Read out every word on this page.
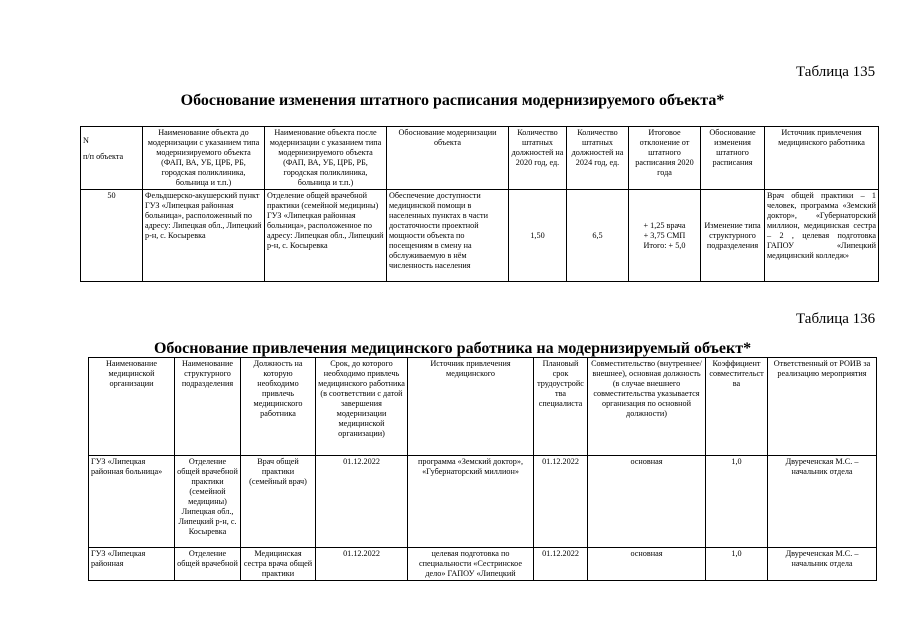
Таблица 135
Обоснование изменения штатного расписания модернизируемого объекта*
N
п/п объекта	Наименование объекта до модернизации с указанием типа модернизируемого объекта (ФАП, ВА, УБ, ЦРБ, РБ, городская поликлиника, больница и т.п.)	Наименование объекта после модернизации с указанием типа модернизируемого объекта (ФАП, ВА, УБ, ЦРБ, РБ, городская поликлиника, больница и т.п.)	Обоснование модернизации объекта	Количество штатных должностей на 2020 год, ед.	Количество штатных должностей на 2024 год, ед.	Итоговое отклонение от штатного расписания 2020 года	Обоснование изменения штатного расписания	Источник привлечения медицинского работника
50	Фельдшерско-акушерский пункт ГУЗ «Липецкая районная больница», расположенный по адресу: Липецкая обл., Липецкий р-н, с. Косыревка	Отделение общей врачебной практики (семейной медицины) ГУЗ «Липецкая районная больница», расположенное по адресу: Липецкая обл., Липецкий р-н, с. Косыревка	Обеспечение доступности медицинской помощи в населенных пунктах в части достаточности проектной мощности объекта по посещениям в смену на обслуживаемую в нём численность населения	1,50	6,5	+ 1,25 врача
+ 3,75 СМП
Итого: + 5,0	Изменение типа структурного подразделения	Врач общей практики – 1 человек, программа «Земский доктор», «Губернаторский миллион, медицинская сестра – 2 , целевая подготовка ГАПОУ «Липецкий медицинский колледж»
Таблица 136
Обоснование привлечения медицинского работника на модернизируемый объект*
Наименование медицинской организации	Наименование структурного подразделения	Должность на которую необходимо привлечь медицинского работника	Срок, до которого необходимо привлечь медицинского работника (в соответствии с датой завершения модернизации медицинской организации)	Источник привлечения медицинского	Плановый срок трудоустройства специалиста	Совместительство (внутреннее/внешнее), основная должность (в случае внешнего совместительства указывается организация по основной должности)	Коэффициент совместительства	Ответственный от РОИВ за реализацию мероприятия
ГУЗ «Липецкая районная больница»	Отделение общей врачебной практики (семейной медицины) Липецкая обл., Липецкий р-н, с. Косыревка	Врач общей практики (семейный врач)	01.12.2022	программа «Земский доктор», «Губернаторский миллион»	01.12.2022	основная	1,0	Двуреченская М.С. – начальник отдела
ГУЗ «Липецкая районная	Отделение общей врачебной	Медицинская сестра врача общей практики	01.12.2022	целевая подготовка по специальности «Сестринское дело» ГАПОУ «Липецкий	01.12.2022	основная	1,0	Двуреченская М.С. – начальник отдела
